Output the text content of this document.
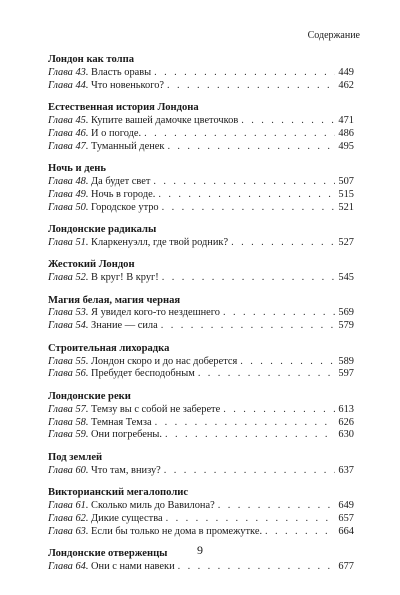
Содержание
Лондон как толпа
Глава 43. Власть оравы . . .	449
Глава 44. Что новенького? . . .	462
Естественная история Лондона
Глава 45. Купите вашей дамочке цветочков . . .	471
Глава 46. И о погоде. . . .	486
Глава 47. Туманный денек . . .	495
Ночь и день
Глава 48. Да будет свет . . .	507
Глава 49. Ночь в городе. . . .	515
Глава 50. Городское утро . . .	521
Лондонские радикалы
Глава 51. Кларкенуэлл, где твой родник? . . .	527
Жестокий Лондон
Глава 52. В круг! В круг! . . .	545
Магия белая, магия черная
Глава 53. Я увидел кого-то нездешнего . . .	569
Глава 54. Знание — сила . . .	579
Строительная лихорадка
Глава 55. Лондон скоро и до нас доберется . . .	589
Глава 56. Пребудет бесподобным . . .	597
Лондонские реки
Глава 57. Темзу вы с собой не заберете . . .	613
Глава 58. Темная Темза . . .	626
Глава 59. Они погребены. . . .	630
Под землей
Глава 60. Что там, внизу? . . .	637
Викторианский мегалополис
Глава 61. Сколько миль до Вавилона? . . .	649
Глава 62. Дикие существа . . .	657
Глава 63. Если бы только не дома в промежутке. . . .	664
Лондонские отверженцы
Глава 64. Они с нами навеки . . .	677
9
